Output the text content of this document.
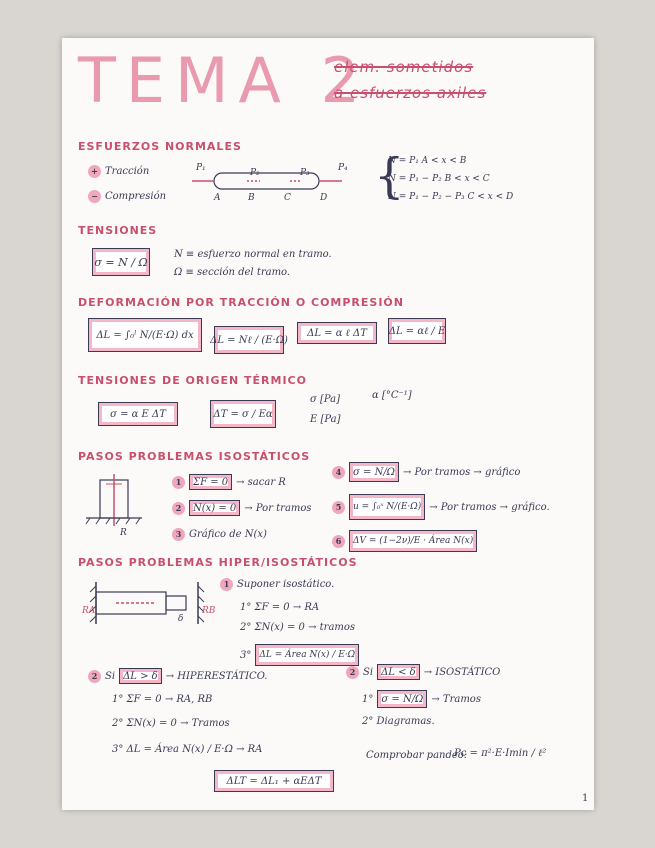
TEMA 2
elem. sometidos
a esfuerzos axiles
ESFUERZOS NORMALES
+ Tracción
− Compresión
P₁	P₂	P₃	P₄
A	B	C	D {
N = P₁ A < x < B
N = P₁ − P₂ B < x < C
N = P₁ − P₂ − P₃ C < x < D
TENSIONES
σ = N / Ω
N ≡ esfuerzo normal en tramo.
Ω ≡ sección del tramo.
DEFORMACIÓN POR TRACCIÓN O COMPRESIÓN
ΔL = ∫₀ˡ N/(E·Ω) dx	ΔL = Nℓ / (E·Ω)
ΔL = α ℓ ΔT	ΔL = αℓ / E
TENSIONES DE ORIGEN TÉRMICO
σ = α E ΔT	ΔT = σ / Eα
σ [Pa]
E [Pa]
α [°C⁻¹]
PASOS PROBLEMAS ISOSTÁTICOS
R
1	ΣF = 0 → sacar R
2	N(x) = 0 → Por tramos
3 Gráfico de N(x)
4	σ = N/Ω → Por tramos → gráfico
5	u = ∫₀ˣ N/(E·Ω) → Por tramos → gráfico.
6	ΔV = (1−2ν)/E · Área N(x)
PASOS PROBLEMAS HIPER/ISOSTÁTICOS
RA	RB
δ
1 Suponer isostático.
1° ΣF = 0 → RA
2° ΣN(x) = 0 → tramos
3° ΔL = Área N(x) / E·Ω
2 Si ΔL > δ → HIPERESTÁTICO.	2 Si ΔL < δ → ISOSTÁTICO
1° ΣF = 0 → RA, RB
2° ΣN(x) = 0 → Tramos
3° ΔL = Área N(x) / E·Ω → RA
1° σ = N/Ω → Tramos
2° Diagramas.
ΔLT = ΔL₁ + αEΔT
Comprobar pandeo:
Pc = π²·E·Imin / ℓ²
1
